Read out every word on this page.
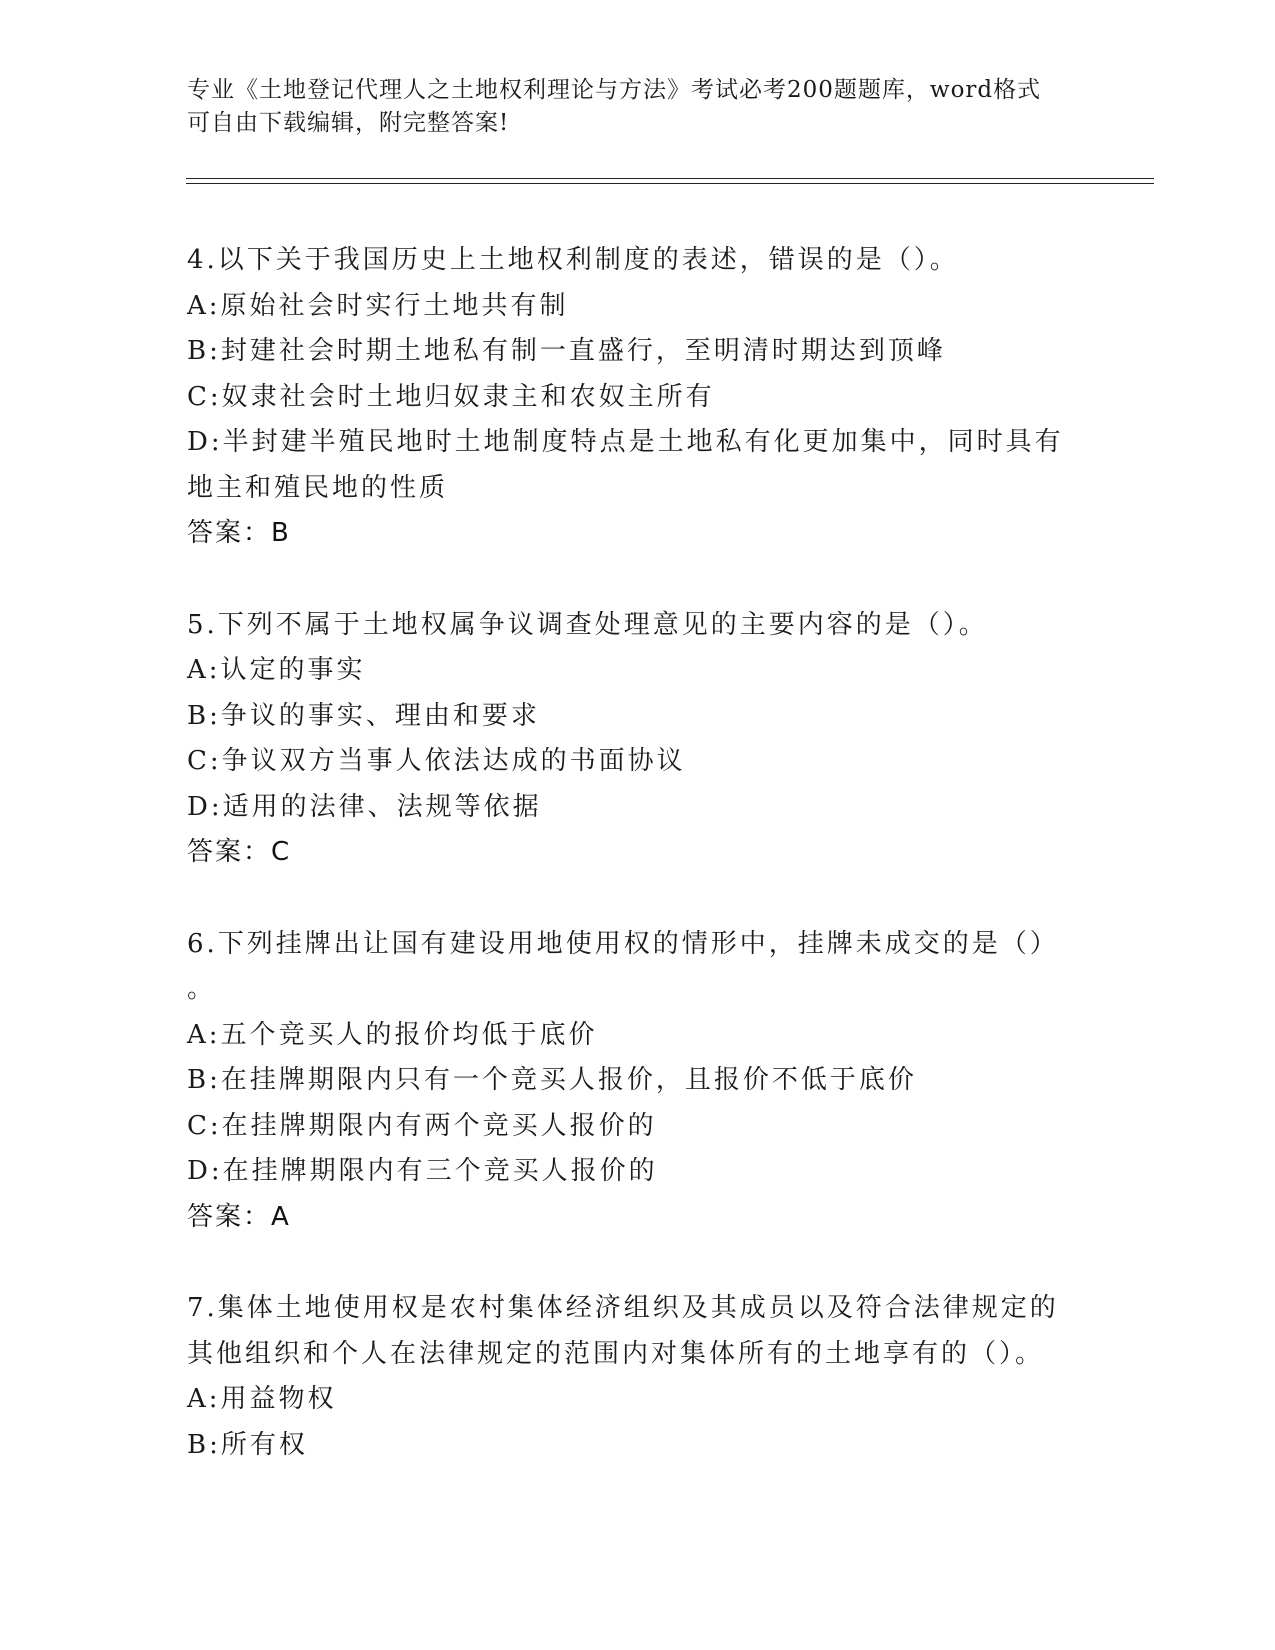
专业《土地登记代理人之土地权利理论与方法》考试必考200题题库，word格式
可自由下载编辑，附完整答案!
4.以下关于我国历史上土地权利制度的表述，错误的是（）。
A:原始社会时实行土地共有制
B:封建社会时期土地私有制一直盛行，至明清时期达到顶峰
C:奴隶社会时土地归奴隶主和农奴主所有
D:半封建半殖民地时土地制度特点是土地私有化更加集中，同时具有
地主和殖民地的性质
答案：B
5.下列不属于土地权属争议调查处理意见的主要内容的是（）。
A:认定的事实
B:争议的事实、理由和要求
C:争议双方当事人依法达成的书面协议
D:适用的法律、法规等依据
答案：C
6.下列挂牌出让国有建设用地使用权的情形中，挂牌未成交的是（）
。
A:五个竞买人的报价均低于底价
B:在挂牌期限内只有一个竞买人报价，且报价不低于底价
C:在挂牌期限内有两个竞买人报价的
D:在挂牌期限内有三个竞买人报价的
答案：A
7.集体土地使用权是农村集体经济组织及其成员以及符合法律规定的
其他组织和个人在法律规定的范围内对集体所有的土地享有的（）。
A:用益物权
B:所有权
